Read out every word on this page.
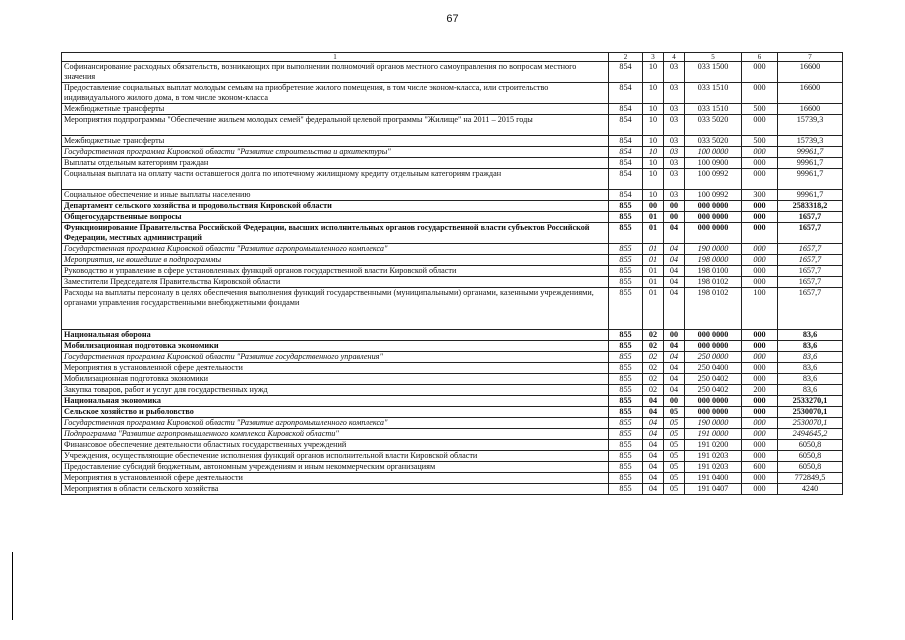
67
1	2	3	4	5	6	7
Софинансирование расходных обязательств, возникающих при выполнении полномочий органов местного самоуправления по вопросам местного значения	854	10	03	033 1500	000	16600
Предоставление социальных выплат молодым семьям на приобретение жилого помещения, в том числе эконом-класса, или строительство индивидуального жилого дома, в том числе эконом-класса	854	10	03	033 1510	000	16600
Межбюджетные трансферты	854	10	03	033 1510	500	16600
Мероприятия подпрограммы "Обеспечение жильем молодых семей" федеральной целевой программы "Жилище" на 2011 – 2015 годы	854	10	03	033 5020	000	15739,3
Межбюджетные трансферты	854	10	03	033 5020	500	15739,3
Государственная программа Кировской области "Развитие строительства и архитектуры"	854	10	03	100 0000	000	99961,7
Выплаты отдельным категориям граждан	854	10	03	100 0900	000	99961,7
Социальная выплата на оплату части оставшегося долга по ипотечному жилищному кредиту отдельным категориям граждан	854	10	03	100 0992	000	99961,7
Социальное обеспечение и иные выплаты населению	854	10	03	100 0992	300	99961,7
Департамент сельского хозяйства и продовольствия Кировской области	855	00	00	000 0000	000	2583318,2
Общегосударственные вопросы	855	01	00	000 0000	000	1657,7
Функционирование Правительства Российской Федерации, высших исполнительных органов государственной власти субъектов Российской Федерации, местных администраций	855	01	04	000 0000	000	1657,7
Государственная программа Кировской области "Развитие агропромышленного комплекса"	855	01	04	190 0000	000	1657,7
Мероприятия, не вошедшие в подпрограммы	855	01	04	198 0000	000	1657,7
Руководство и управление в сфере установленных функций органов государственной власти Кировской области	855	01	04	198 0100	000	1657,7
Заместители Председателя Правительства Кировской области	855	01	04	198 0102	000	1657,7
Расходы на выплаты персоналу в целях обеспечения выполнения функций государственными (муниципальными) органами, казенными учреждениями, органами управления государственными внебюджетными фондами	855	01	04	198 0102	100	1657,7
Национальная оборона	855	02	00	000 0000	000	83,6
Мобилизационная подготовка экономики	855	02	04	000 0000	000	83,6
Государственная программа Кировской области "Развитие государственного управления"	855	02	04	250 0000	000	83,6
Мероприятия в установленной сфере деятельности	855	02	04	250 0400	000	83,6
Мобилизационная подготовка экономики	855	02	04	250 0402	000	83,6
Закупка товаров, работ и услуг для государственных нужд	855	02	04	250 0402	200	83,6
Национальная экономика	855	04	00	000 0000	000	2533270,1
Сельское хозяйство и рыболовство	855	04	05	000 0000	000	2530070,1
Государственная программа Кировской области "Развитие агропромышленного комплекса"	855	04	05	190 0000	000	2530070,1
Подпрограмма "Развитие агропромышленного комплекса Кировской области"	855	04	05	191 0000	000	2494645,2
Финансовое обеспечение деятельности областных государственных учреждений	855	04	05	191 0200	000	6050,8
Учреждения, осуществляющие обеспечение исполнения функций органов исполнительной власти Кировской области	855	04	05	191 0203	000	6050,8
Предоставление субсидий бюджетным, автономным учреждениям и иным некоммерческим организациям	855	04	05	191 0203	600	6050,8
Мероприятия в установленной сфере деятельности	855	04	05	191 0400	000	772849,5
Мероприятия в области сельского хозяйства	855	04	05	191 0407	000	4240
